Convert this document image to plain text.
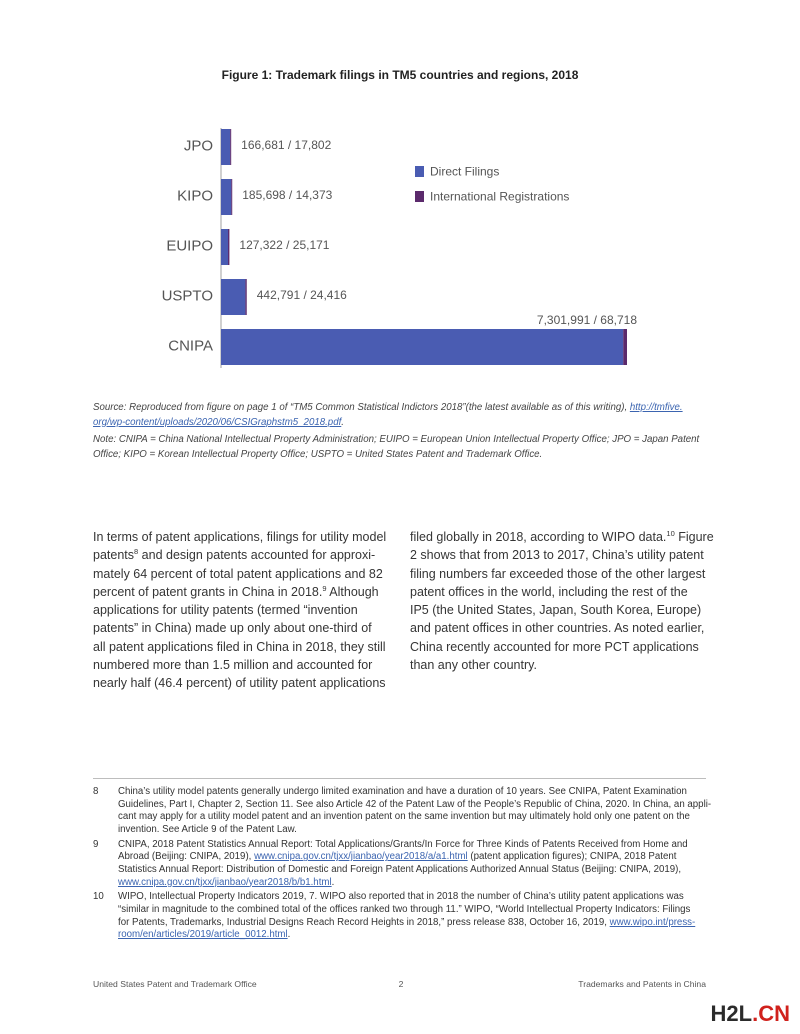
JPO 166,681 / 17,802
KIPO 185,698 / 14,373
EUIPO 127,322 / 25,171
USPTO	442,791 / 24,416
CNIPA
7,301,991 / 68,718
Direct Filings
International Registrations
Figure 1: Trademark filings in TM5 countries and regions, 2018
Source: Reproduced from figure on page 1 of “TM5 Common Statistical Indictors 2018”(the latest available as of this writing), http://tmfive.
org/wp-content/uploads/2020/06/CSIGraphstm5_2018.pdf.
Note: CNIPA = China National Intellectual Property Administration; EUIPO = European Union Intellectual Property Office; JPO = Japan Patent
Office; KIPO = Korean Intellectual Property Office; USPTO = United States Patent and Trademark Office.
In terms of patent applications, filings for utility model
patents$^8$ and design patents accounted for approxi-
mately 64 percent of total patent applications and 82
percent of patent grants in China in 2018.$^9$ Although
applications for utility patents (termed “invention
patents” in China) made up only about one-third of
all patent applications filed in China in 2018, they still
numbered more than 1.5 million and accounted for
nearly half (46.4 percent) of utility patent applications
filed globally in 2018, according to WIPO data.$^{10}$ Figure
2 shows that from 2013 to 2017, China’s utility patent
filing numbers far exceeded those of the other largest
patent offices in the world, including the rest of the
IP5 (the United States, Japan, South Korea, Europe)
and patent offices in other countries. As noted earlier,
China recently accounted for more PCT applications
than any other country.
8 China’s utility model patents generally undergo limited examination and have a duration of 10 years. See CNIPA, Patent Examination
Guidelines, Part I, Chapter 2, Section 11. See also Article 42 of the Patent Law of the People’s Republic of China, 2020. In China, an appli-
cant may apply for a utility model patent and an invention patent on the same invention but may ultimately hold only one patent on the
invention. See Article 9 of the Patent Law.
9 CNIPA, 2018 Patent Statistics Annual Report: Total Applications/Grants/In Force for Three Kinds of Patents Received from Home and
Abroad (Beijing: CNIPA, 2019), www.cnipa.gov.cn/tjxx/jianbao/year2018/a/a1.html (patent application figures); CNIPA, 2018 Patent
Statistics Annual Report: Distribution of Domestic and Foreign Patent Applications Authorized Annual Status (Beijing: CNIPA, 2019),
www.cnipa.gov.cn/tjxx/jianbao/year2018/b/b1.html.
10 WIPO, Intellectual Property Indicators 2019, 7. WIPO also reported that in 2018 the number of China’s utility patent applications was
“similar in magnitude to the combined total of the offices ranked two through 11.” WIPO, “World Intellectual Property Indicators: Filings
for Patents, Trademarks, Industrial Designs Reach Record Heights in 2018,” press release 838, October 16, 2019, www.wipo.int/press-
room/en/articles/2019/article_0012.html.
United States Patent and Trademark Office	2	Trademarks and Patents in China
H2L.CN
